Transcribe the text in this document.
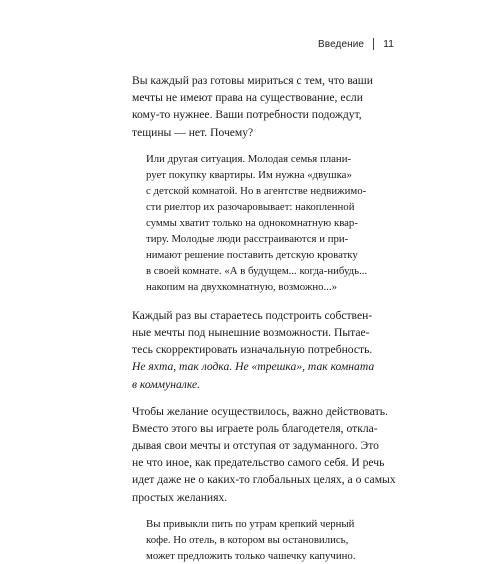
Введение 11
Вы каждый раз готовы мириться с тем, что ваши
мечты не имеют права на существование, если
кому-то нужнее. Ваши потребности подождут,
тещины — нет. Почему?
Или другая ситуация. Молодая семья плани-
рует покупку квартиры. Им нужна «двушка»
с детской комнатой. Но в агентстве недвижимо-
сти риелтор их разочаровывает: накопленной
суммы хватит только на однокомнатную квар-
тиру. Молодые люди расстраиваются и при-
нимают решение поставить детскую кроватку
в своей комнате. «А в будущем... когда-нибудь...
накопим на двухкомнатную, возможно...»
Каждый раз вы стараетесь подстроить собствен-
ные мечты под нынешние возможности. Пытае-
тесь скорректировать изначальную потребность.
Не яхта, так лодка. Не «трешка», так комната
в коммуналке.
Чтобы желание осуществилось, важно действовать.
Вместо этого вы играете роль благодетеля, откла-
дывая свои мечты и отступая от задуманного. Это
не что иное, как предательство самого себя. И речь
идет даже не о каких-то глобальных целях, а о самых
простых желаниях.
Вы привыкли пить по утрам крепкий черный
кофе. Но отель, в котором вы остановились,
может предложить только чашечку капучино.
